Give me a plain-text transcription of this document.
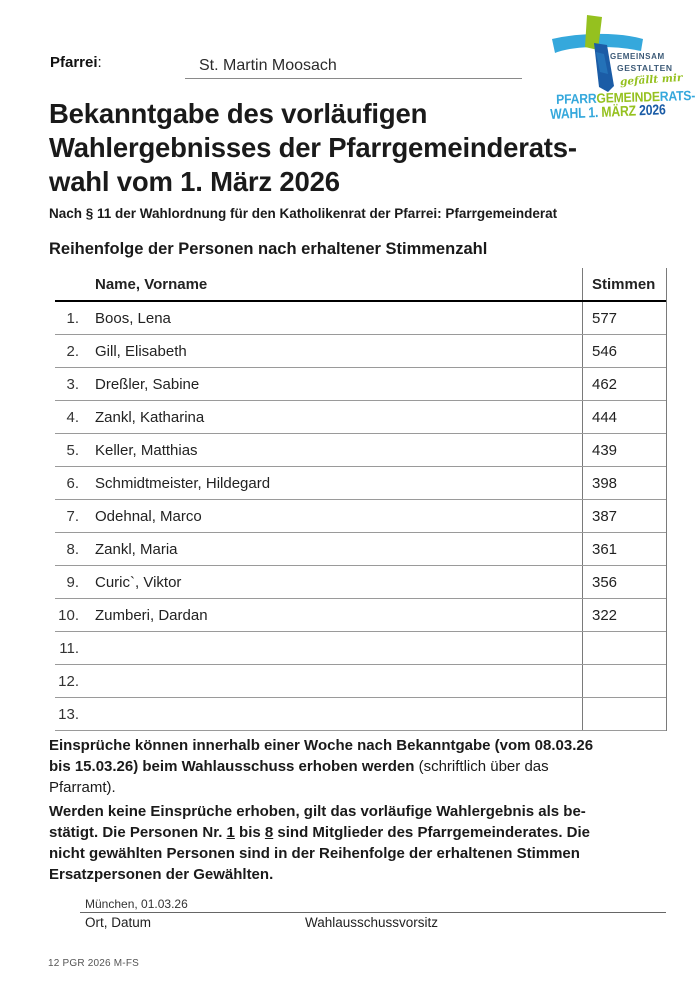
Pfarrei:	St. Martin Moosach
GEMEINSAM
GESTALTEN
gefällt mir
PFARRGEMEINDERATS-
WAHL 1. MÄRZ 2026
Bekanntgabe des vorläufigen
Wahlergebnisses der Pfarrgemeinderats-
wahl vom 1. März 2026
Nach § 11 der Wahlordnung für den Katholikenrat der Pfarrei: Pfarrgemeinderat
Reihenfolge der Personen nach erhaltener Stimmenzahl
Name, Vorname	Stimmen
1.	Boos, Lena	577
2.	Gill, Elisabeth	546
3.	Dreßler, Sabine	462
4.	Zankl, Katharina	444
5.	Keller, Matthias	439
6.	Schmidtmeister, Hildegard	398
7.	Odehnal, Marco	387
8.	Zankl, Maria	361
9.	Curic`, Viktor	356
10.	Zumberi, Dardan	322
11.
12.
13.
Einsprüche können innerhalb einer Woche nach Bekanntgabe (vom 08.03.26
bis 15.03.26) beim Wahlausschuss erhoben werden (schriftlich über das
Pfarramt).
Werden keine Einsprüche erhoben, gilt das vorläufige Wahlergebnis als be-
stätigt. Die Personen Nr. 1 bis 8 sind Mitglieder des Pfarrgemeinderates. Die
nicht gewählten Personen sind in der Reihenfolge der erhaltenen Stimmen
Ersatzpersonen der Gewählten.
München, 01.03.26
Ort, Datum	Wahlausschussvorsitz
12 PGR 2026 M-FS
